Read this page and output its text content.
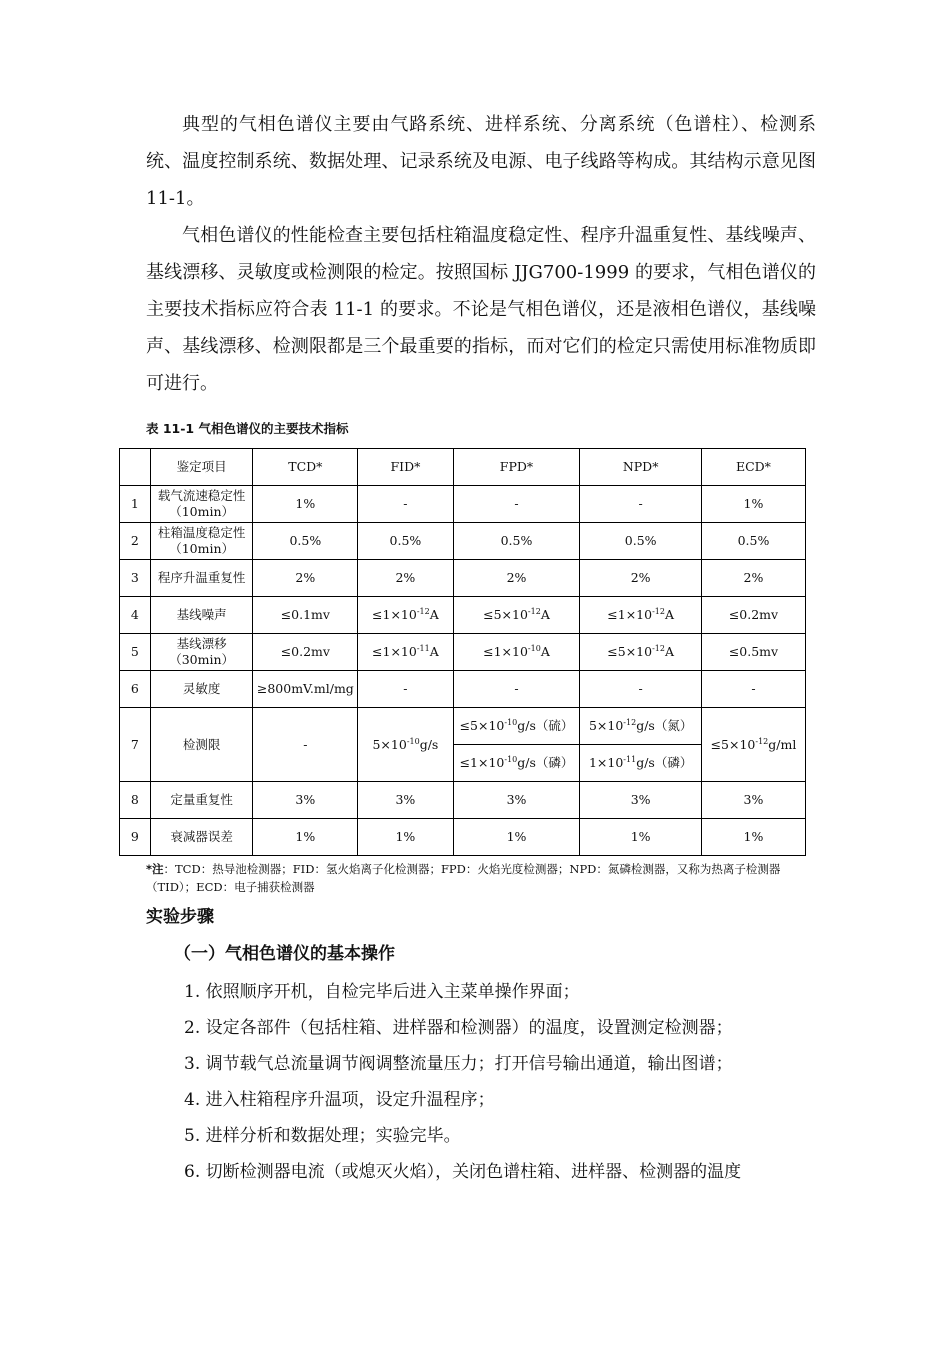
典型的气相色谱仪主要由气路系统、进样系统、分离系统（色谱柱）、检测系统、温度控制系统、数据处理、记录系统及电源、电子线路等构成。其结构示意见图 11-1。

气相色谱仪的性能检查主要包括柱箱温度稳定性、程序升温重复性、基线噪声、基线漂移、灵敏度或检测限的检定。按照国标 JJG700-1999 的要求，气相色谱仪的主要技术指标应符合表 11-1 的要求。不论是气相色谱仪，还是液相色谱仪，基线噪声、基线漂移、检测限都是三个最重要的指标，而对它们的检定只需使用标准物质即可进行。

表 11-1 气相色谱仪的主要技术指标

	鉴定项目	TCD*	FID*	FPD*	NPD*	ECD*
1	载气流速稳定性（10min）	1%	-	-	-	1%
2	柱箱温度稳定性（10min）	0.5%	0.5%	0.5%	0.5%	0.5%
3	程序升温重复性	2%	2%	2%	2%	2%
4	基线噪声	≤0.1mv	$\le 1\times 10^{-12}A$	$\le 5\times 10^{-12}A$	$\le 1\times 10^{-12}A$	≤0.2mv
5	基线漂移（30min）	≤0.2mv	$\le 1\times 10^{-11}A$	$\le 1\times 10^{-10}A$	$\le 5\times 10^{-12}A$	≤0.5mv
6	灵敏度	≥800mV.ml/mg	-	-	-	-
7	检测限	-	$5\times 10^{-10}g/s$	$\le 5\times 10^{-10}g/s$（硫）	$5\times 10^{-12}g/s$（氮）	$\le 5\times 10^{-12}g/ml$
				$\le 1\times 10^{-10}g/s$（磷）	$1\times 10^{-11}g/s$（磷）	
8	定量重复性	3%	3%	3%	3%	3%
9	衰减器误差	1%	1%	1%	1%	1%

*注：TCD：热导池检测器；FID：氢火焰离子化检测器；FPD：火焰光度检测器；NPD：氮磷检测器，又称为热离子检测器（TID）；ECD：电子捕获检测器

实验步骤

（一）气相色谱仪的基本操作

1. 依照顺序开机，自检完毕后进入主菜单操作界面；

2. 设定各部件（包括柱箱、进样器和检测器）的温度，设置测定检测器；

3. 调节载气总流量调节阀调整流量压力；打开信号输出通道，输出图谱；

4. 进入柱箱程序升温项，设定升温程序；

5. 进样分析和数据处理；实验完毕。

6. 切断检测器电流（或熄灭火焰），关闭色谱柱箱、进样器、检测器的温度
